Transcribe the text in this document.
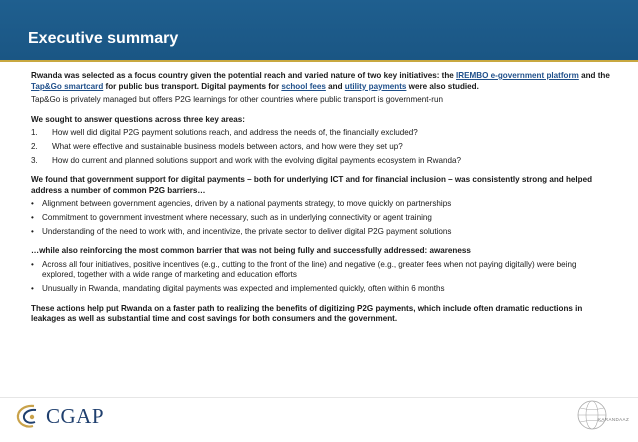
Executive summary

Rwanda was selected as a focus country given the potential reach and varied nature of two key initiatives: the IREMBO e-government platform and the Tap&Go smartcard for public bus transport. Digital payments for school fees and utility payments were also studied.

Tap&Go is privately managed but offers P2G learnings for other countries where public transport is government-run

We sought to answer questions across three key areas:

1.	How well did digital P2G payment solutions reach, and address the needs of, the financially excluded?
2.	What were effective and sustainable business models between actors, and how were they set up?
3.	How do current and planned solutions support and work with the evolving digital payments ecosystem in Rwanda?

We found that government support for digital payments – both for underlying ICT and for financial inclusion – was consistently strong and helped address a number of common P2G barriers…

•	Alignment between government agencies, driven by a national payments strategy, to move quickly on partnerships
•	Commitment to government investment where necessary, such as in underlying connectivity or agent training
•	Understanding of the need to work with, and incentivize, the private sector to deliver digital P2G payment solutions

…while also reinforcing the most common barrier that was not being fully and successfully addressed: awareness

•	Across all four initiatives, positive incentives (e.g., cutting to the front of the line) and negative (e.g., greater fees when not paying digitally) were being explored, together with a wide range of marketing and education efforts
•	Unusually in Rwanda, mandating digital payments was expected and implemented quickly, often within 6 months

These actions help put Rwanda on a faster path to realizing the benefits of digitizing P2G payments, which include often dramatic reductions in leakages as well as substantial time and cost savings for both consumers and the government.

CGAP	KARANDAAZ
